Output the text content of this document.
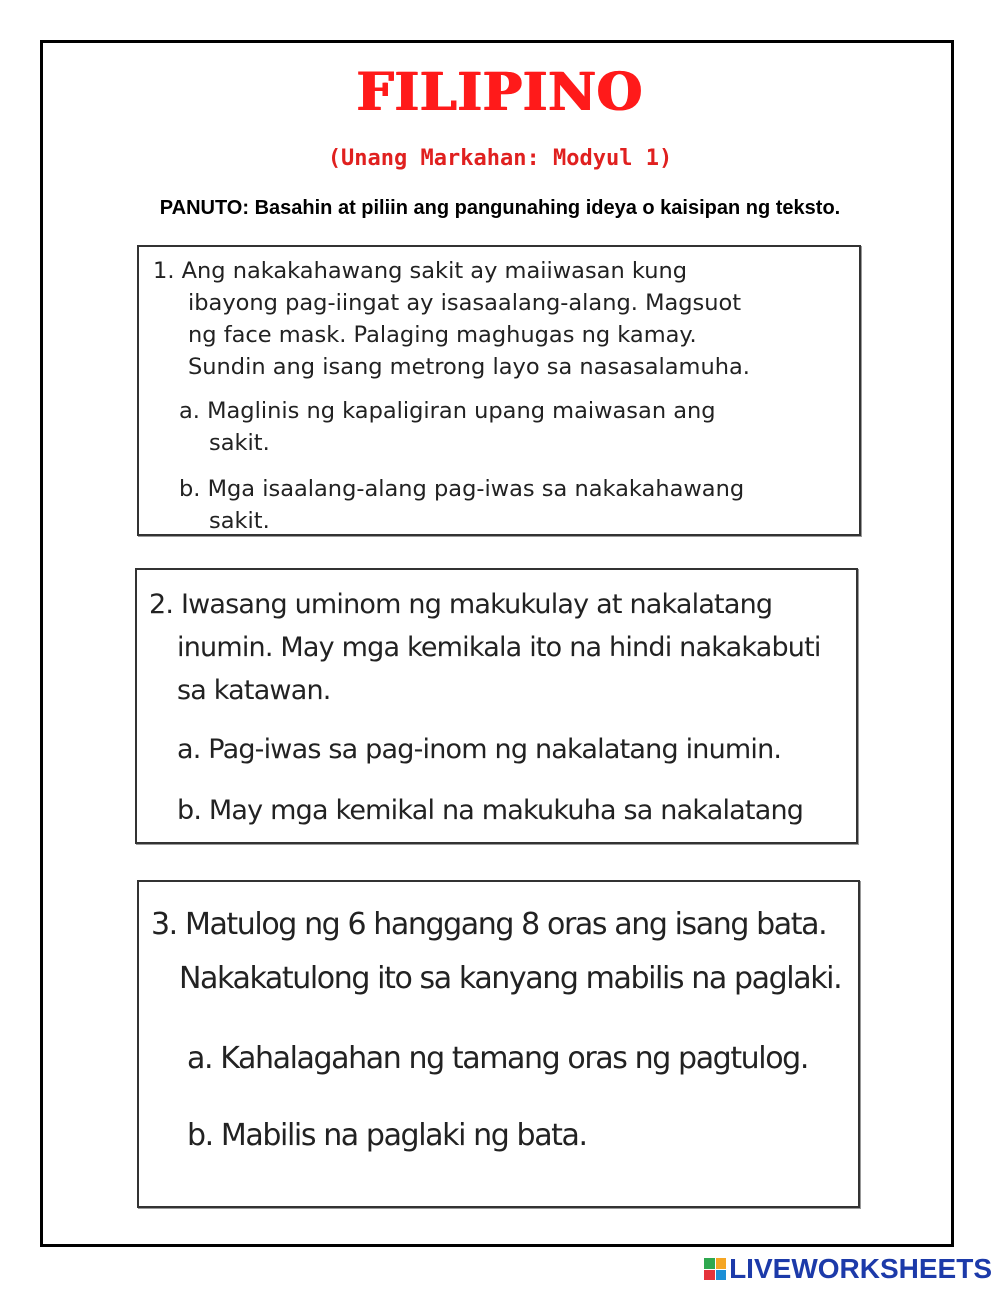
FILIPINO
(Unang Markahan: Modyul 1)
PANUTO: Basahin at piliin ang pangunahing ideya o kaisipan ng teksto.

1. Ang nakakahawang sakit ay maiiwasan kung
ibayong pag-iingat ay isasaalang-alang. Magsuot
ng face mask. Palaging maghugas ng kamay.
Sundin ang isang metrong layo sa nasasalamuha.

a. Maglinis ng kapaligiran upang maiwasan ang
sakit.

b. Mga isaalang-alang pag-iwas sa nakakahawang
sakit.

2. Iwasang uminom ng makukulay at nakalatang
inumin. May mga kemikala ito na hindi nakakabuti
sa katawan.

a. Pag-iwas sa pag-inom ng nakalatang inumin.

b. May mga kemikal na makukuha sa nakalatang

3. Matulog ng 6 hanggang 8 oras ang isang bata.
Nakakatulong ito sa kanyang mabilis na paglaki.

a. Kahalagahan ng tamang oras ng pagtulog.

b. Mabilis na paglaki ng bata.

LIVEWORKSHEETS
